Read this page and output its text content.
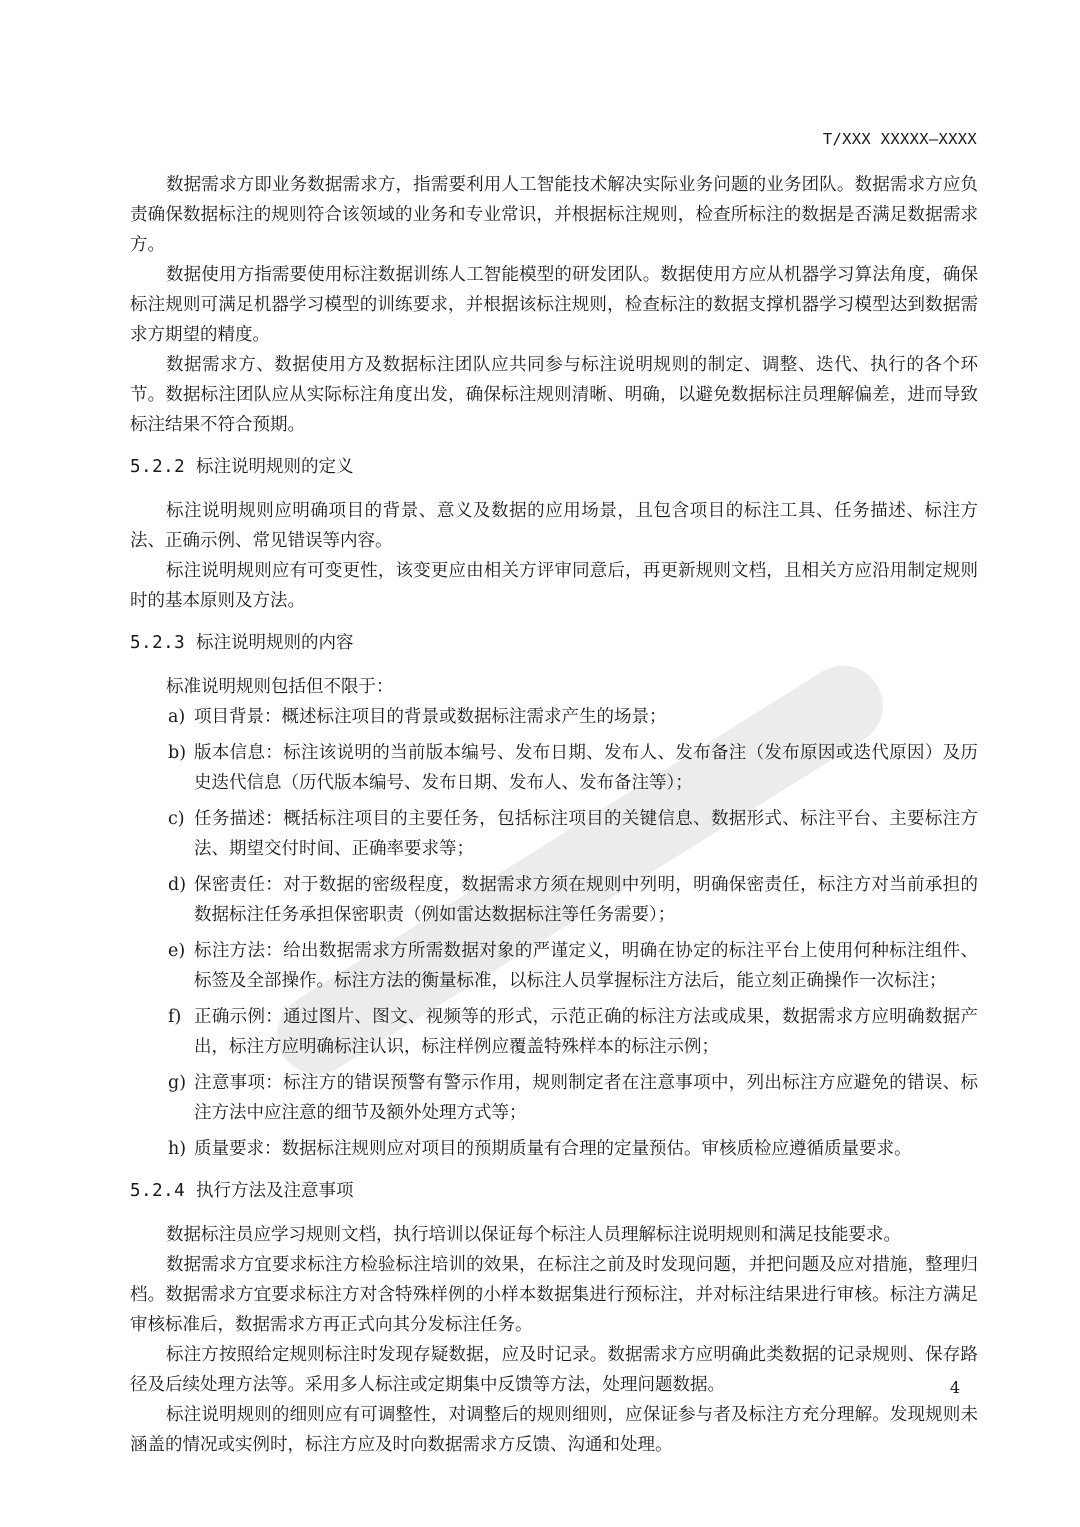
T/XXX XXXXX—XXXX

数据需求方即业务数据需求方，指需要利用人工智能技术解决实际业务问题的业务团队。数据需求方应负责确保数据标注的规则符合该领域的业务和专业常识，并根据标注规则，检查所标注的数据是否满足数据需求方。

数据使用方指需要使用标注数据训练人工智能模型的研发团队。数据使用方应从机器学习算法角度，确保标注规则可满足机器学习模型的训练要求，并根据该标注规则，检查标注的数据支撑机器学习模型达到数据需求方期望的精度。

数据需求方、数据使用方及数据标注团队应共同参与标注说明规则的制定、调整、迭代、执行的各个环节。数据标注团队应从实际标注角度出发，确保标注规则清晰、明确，以避免数据标注员理解偏差，进而导致标注结果不符合预期。

5.2.2 标注说明规则的定义

标注说明规则应明确项目的背景、意义及数据的应用场景，且包含项目的标注工具、任务描述、标注方法、正确示例、常见错误等内容。

标注说明规则应有可变更性，该变更应由相关方评审同意后，再更新规则文档，且相关方应沿用制定规则时的基本原则及方法。

5.2.3 标注说明规则的内容

标准说明规则包括但不限于：

a) 项目背景：概述标注项目的背景或数据标注需求产生的场景；
b) 版本信息：标注该说明的当前版本编号、发布日期、发布人、发布备注（发布原因或迭代原因）及历史迭代信息（历代版本编号、发布日期、发布人、发布备注等）；
c) 任务描述：概括标注项目的主要任务，包括标注项目的关键信息、数据形式、标注平台、主要标注方法、期望交付时间、正确率要求等；
d) 保密责任：对于数据的密级程度，数据需求方须在规则中列明，明确保密责任，标注方对当前承担的数据标注任务承担保密职责（例如雷达数据标注等任务需要）；
e) 标注方法：给出数据需求方所需数据对象的严谨定义，明确在协定的标注平台上使用何种标注组件、标签及全部操作。标注方法的衡量标准，以标注人员掌握标注方法后，能立刻正确操作一次标注；
f) 正确示例：通过图片、图文、视频等的形式，示范正确的标注方法或成果，数据需求方应明确数据产出，标注方应明确标注认识，标注样例应覆盖特殊样本的标注示例；
g) 注意事项：标注方的错误预警有警示作用，规则制定者在注意事项中，列出标注方应避免的错误、标注方法中应注意的细节及额外处理方式等；
h) 质量要求：数据标注规则应对项目的预期质量有合理的定量预估。审核质检应遵循质量要求。
5.2.4 执行方法及注意事项

数据标注员应学习规则文档，执行培训以保证每个标注人员理解标注说明规则和满足技能要求。

数据需求方宜要求标注方检验标注培训的效果，在标注之前及时发现问题，并把问题及应对措施，整理归档。数据需求方宜要求标注方对含特殊样例的小样本数据集进行预标注，并对标注结果进行审核。标注方满足审核标准后，数据需求方再正式向其分发标注任务。

标注方按照给定规则标注时发现存疑数据，应及时记录。数据需求方应明确此类数据的记录规则、保存路径及后续处理方法等。采用多人标注或定期集中反馈等方法，处理问题数据。

标注说明规则的细则应有可调整性，对调整后的规则细则，应保证参与者及标注方充分理解。发现规则未涵盖的情况或实例时，标注方应及时向数据需求方反馈、沟通和处理。

4
